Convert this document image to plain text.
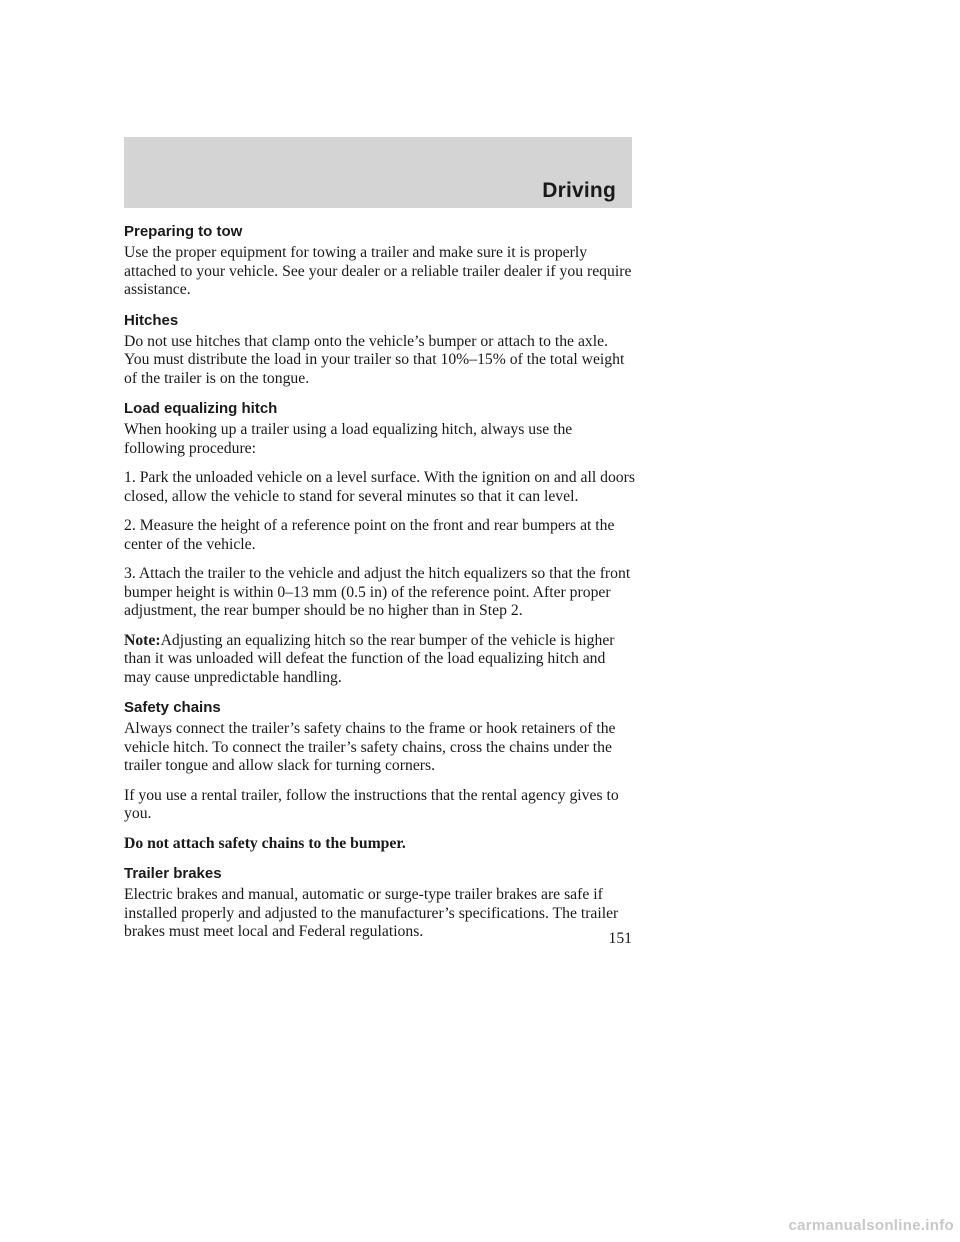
Driving
Preparing to tow

Use the proper equipment for towing a trailer and make sure it is properly attached to your vehicle. See your dealer or a reliable trailer dealer if you require assistance.

Hitches

Do not use hitches that clamp onto the vehicle’s bumper or attach to the axle. You must distribute the load in your trailer so that 10%–15% of the total weight of the trailer is on the tongue.

Load equalizing hitch

When hooking up a trailer using a load equalizing hitch, always use the following procedure:

1. Park the unloaded vehicle on a level surface. With the ignition on and all doors closed, allow the vehicle to stand for several minutes so that it can level.

2. Measure the height of a reference point on the front and rear bumpers at the center of the vehicle.

3. Attach the trailer to the vehicle and adjust the hitch equalizers so that the front bumper height is within 0–13 mm (0.5 in) of the reference point. After proper adjustment, the rear bumper should be no higher than in Step 2.

Note:Adjusting an equalizing hitch so the rear bumper of the vehicle is higher than it was unloaded will defeat the function of the load equalizing hitch and may cause unpredictable handling.

Safety chains

Always connect the trailer’s safety chains to the frame or hook retainers of the vehicle hitch. To connect the trailer’s safety chains, cross the chains under the trailer tongue and allow slack for turning corners.

If you use a rental trailer, follow the instructions that the rental agency gives to you.

Do not attach safety chains to the bumper.

Trailer brakes

Electric brakes and manual, automatic or surge-type trailer brakes are safe if installed properly and adjusted to the manufacturer’s specifications. The trailer brakes must meet local and Federal regulations.	151
carmanualsonline.info
